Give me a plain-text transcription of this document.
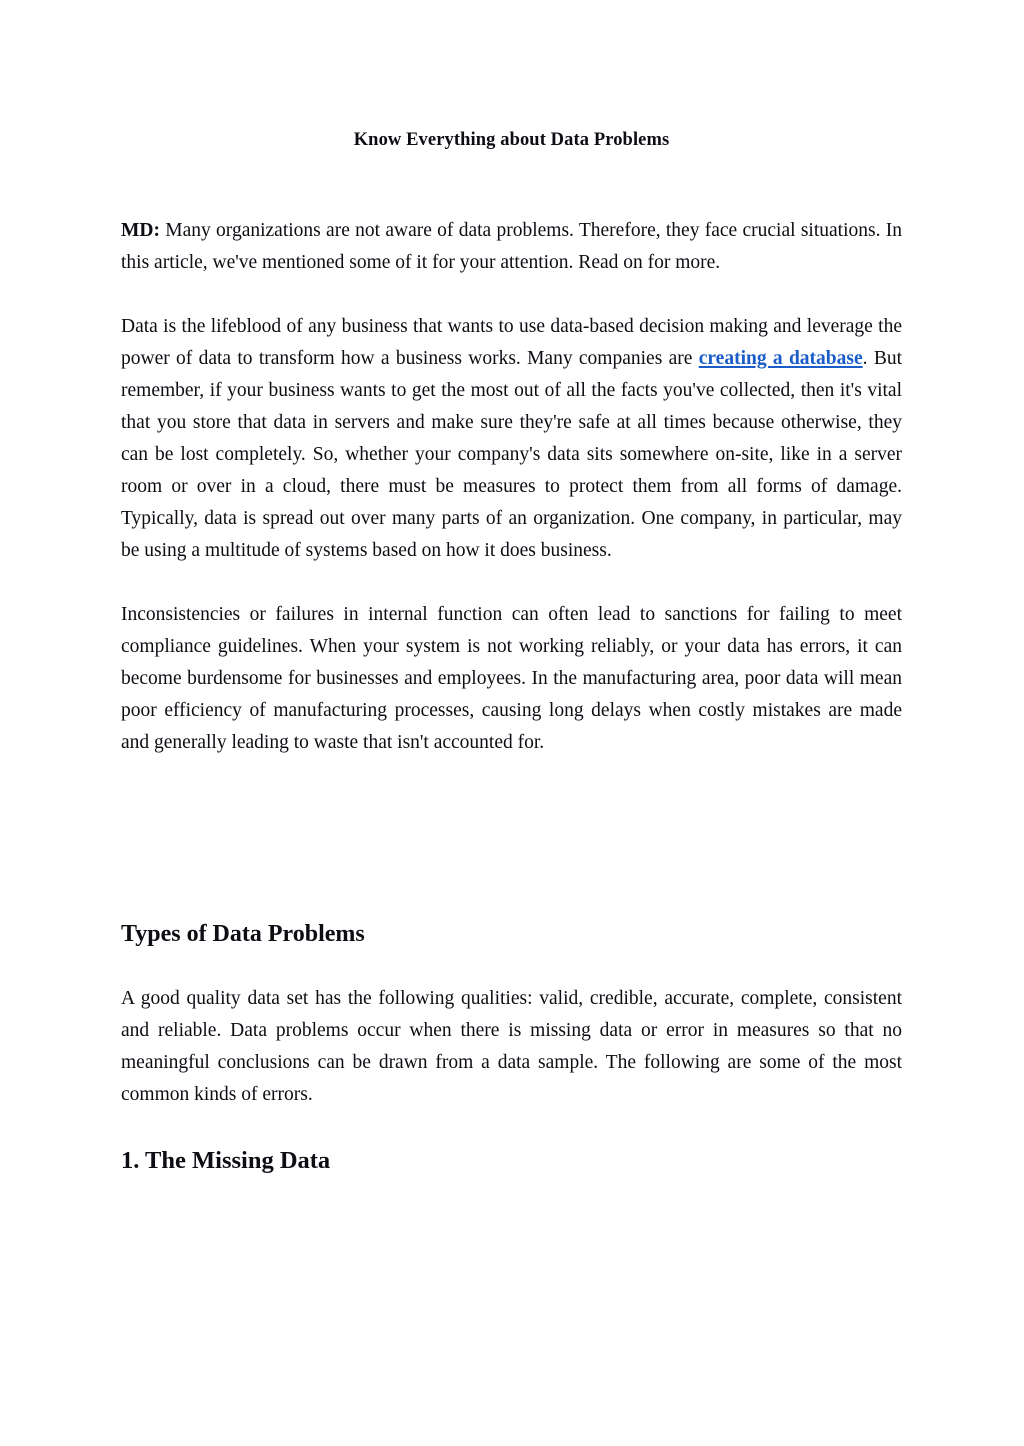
Know Everything about Data Problems

MD: Many organizations are not aware of data problems. Therefore, they face crucial situations. In this article, we've mentioned some of it for your attention. Read on for more.

Data is the lifeblood of any business that wants to use data-based decision making and leverage the power of data to transform how a business works. Many companies are creating a database. But remember, if your business wants to get the most out of all the facts you've collected, then it's vital that you store that data in servers and make sure they're safe at all times because otherwise, they can be lost completely. So, whether your company's data sits somewhere on-site, like in a server room or over in a cloud, there must be measures to protect them from all forms of damage. Typically, data is spread out over many parts of an organization. One company, in particular, may be using a multitude of systems based on how it does business.

Inconsistencies or failures in internal function can often lead to sanctions for failing to meet compliance guidelines. When your system is not working reliably, or your data has errors, it can become burdensome for businesses and employees. In the manufacturing area, poor data will mean poor efficiency of manufacturing processes, causing long delays when costly mistakes are made and generally leading to waste that isn't accounted for.

Types of Data Problems

A good quality data set has the following qualities: valid, credible, accurate, complete, consistent and reliable. Data problems occur when there is missing data or error in measures so that no meaningful conclusions can be drawn from a data sample. The following are some of the most common kinds of errors.

1. The Missing Data
